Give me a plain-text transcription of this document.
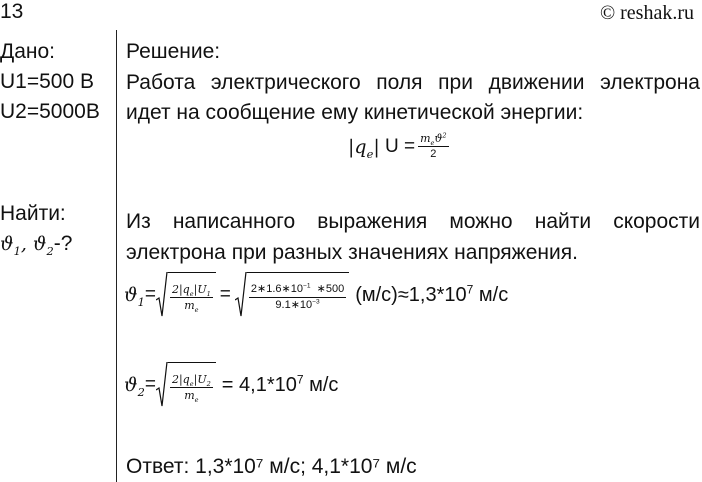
13	© reshak.ru
Дано:
U1=500 В
U2=5000В
Найти:
$ϑ_1$, $ϑ_2-$?
Решение:
Работа электрического поля при движении электрона
идет на сообщение ему кинетической энергии:
$|q_e|$ $U = \frac{m_eϑ^2}{2}$
Из написанного выражения можно найти скорости
электрона при разных значениях напряжения.
$ϑ_1 = \frac{2|q_e|U_1}{m_e} = \frac{2∗1.6∗10^{-1} ∗500}{9.1∗10^{-3}} (м/с)\approx 1,3*10^7$ м/с
$ϑ_2 = \frac{2|q_e|U_2}{m_e} = 4,1*10^7$ м/с
Ответ: 1,3*10⁷ м/с; 4,1*10⁷ м/с
